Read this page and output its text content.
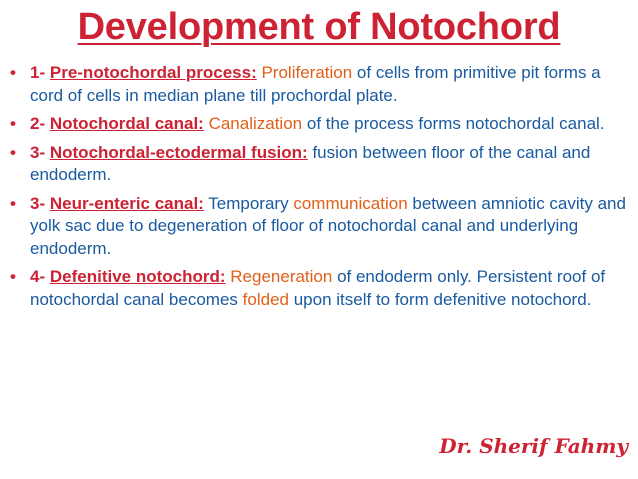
Development of Notochord
• 1- Pre-notochordal process: Proliferation of cells from primitive pit forms a cord of cells in median plane till prochordal plate.
• 2- Notochordal canal: Canalization of the process forms notochordal canal.
• 3- Notochordal-ectodermal fusion: fusion between floor of the canal and endoderm.
• 3- Neur-enteric canal: Temporary communication between amniotic cavity and yolk sac due to degeneration of floor of notochordal canal and underlying endoderm.
• 4- Defenitive notochord: Regeneration of endoderm only. Persistent roof of notochordal canal becomes folded upon itself to form defenitive notochord.
Dr. Sherif Fahmy
